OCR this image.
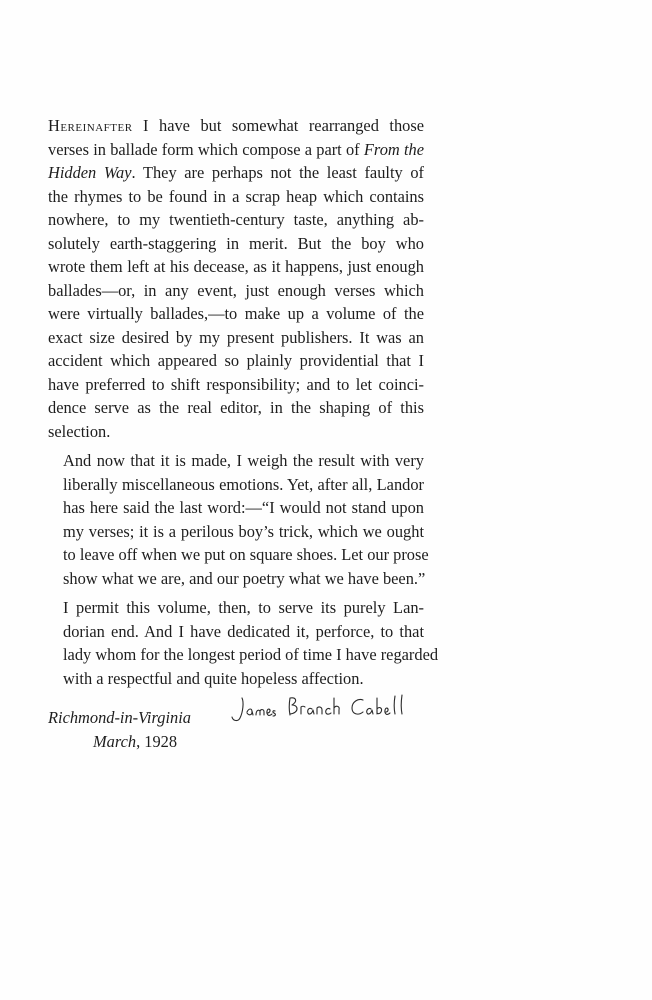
Hereinafter I have but somewhat rearranged those
verses in ballade form which compose a part of From the
Hidden Way. They are perhaps not the least faulty of
the rhymes to be found in a scrap heap which contains
nowhere, to my twentieth-century taste, anything ab-
solutely earth-staggering in merit. But the boy who
wrote them left at his decease, as it happens, just enough
ballades—or, in any event, just enough verses which
were virtually ballades,—to make up a volume of the
exact size desired by my present publishers. It was an
accident which appeared so plainly providential that I
have preferred to shift responsibility; and to let coinci-
dence serve as the real editor, in the shaping of this
selection.
And now that it is made, I weigh the result with very
liberally miscellaneous emotions. Yet, after all, Landor
has here said the last word:—“I would not stand upon
my verses; it is a perilous boy’s trick, which we ought
to leave off when we put on square shoes. Let our prose
show what we are, and our poetry what we have been.”
I permit this volume, then, to serve its purely Lan-
dorian end. And I have dedicated it, perforce, to that
lady whom for the longest period of time I have regarded
with a respectful and quite hopeless affection.
Richmond-in-Virginia
March, 1928
